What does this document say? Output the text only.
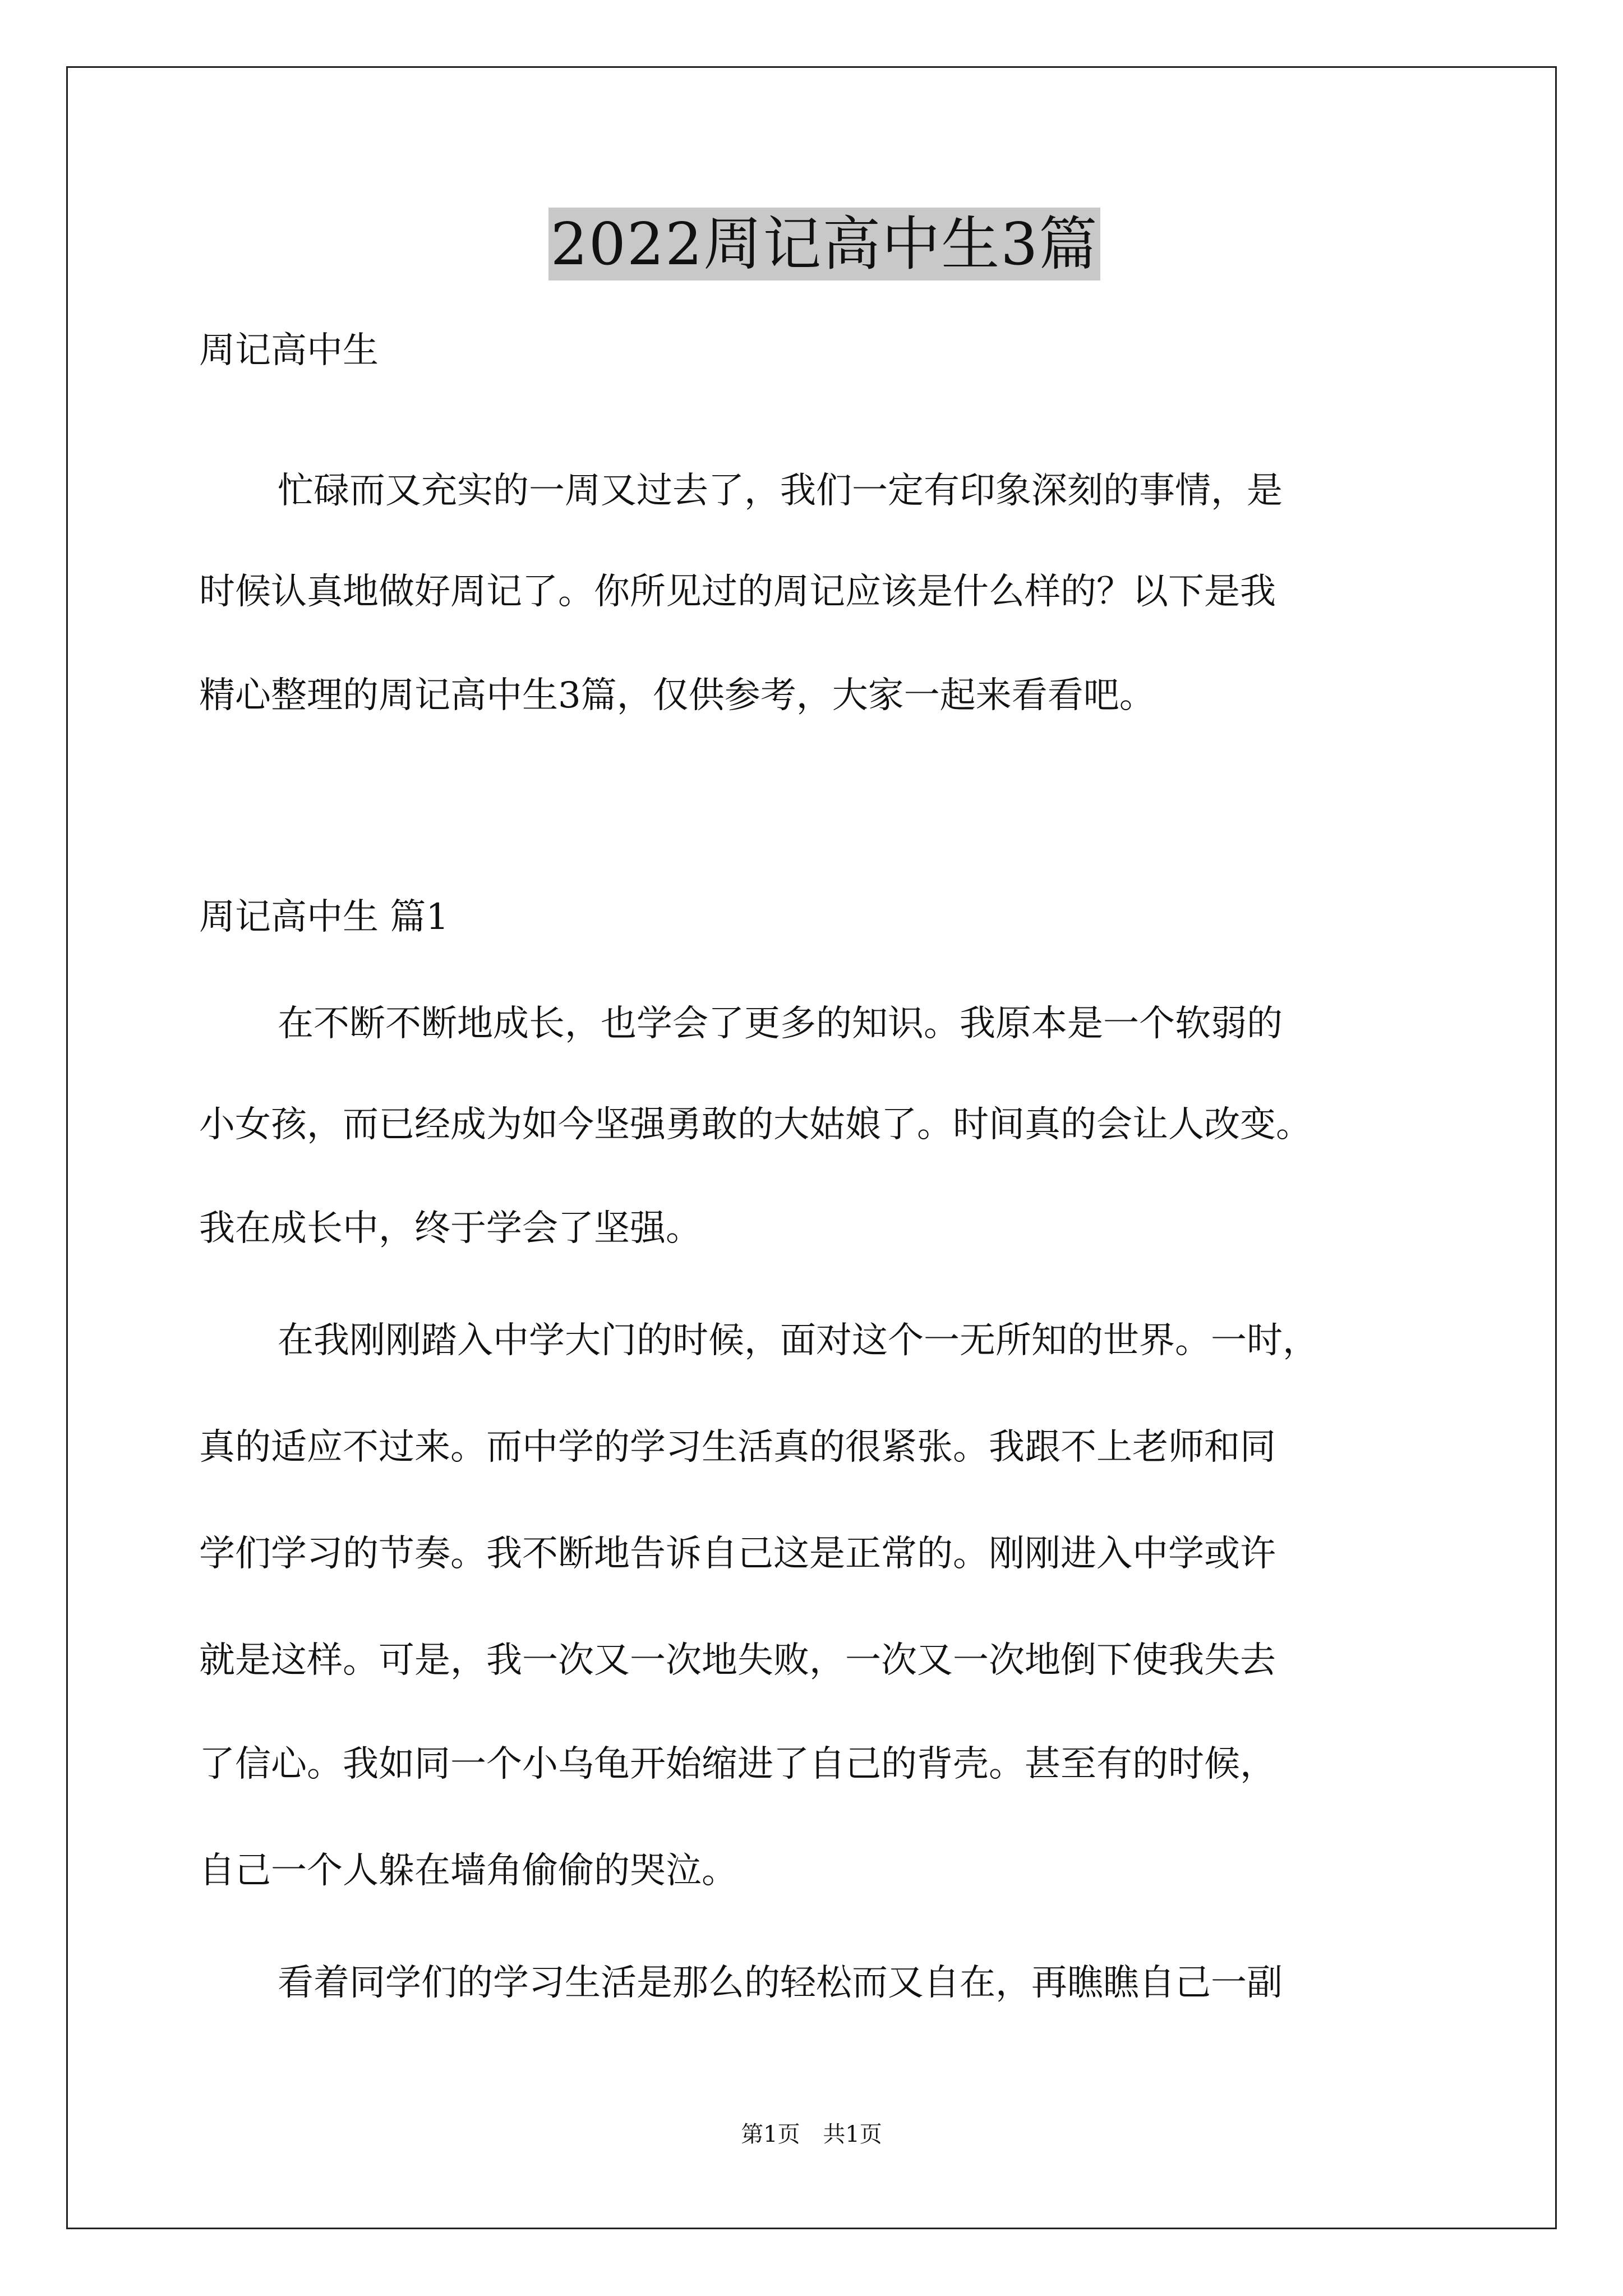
2022周记高中生3篇
周记高中生
忙碌而又充实的一周又过去了，我们一定有印象深刻的事情，是
时候认真地做好周记了。你所见过的周记应该是什么样的？以下是我
精心整理的周记高中生3篇，仅供参考，大家一起来看看吧。
周记高中生 篇1
在不断不断地成长，也学会了更多的知识。我原本是一个软弱的
小女孩，而已经成为如今坚强勇敢的大姑娘了。时间真的会让人改变。
我在成长中，终于学会了坚强。
在我刚刚踏入中学大门的时候，面对这个一无所知的世界。一时，
真的适应不过来。而中学的学习生活真的很紧张。我跟不上老师和同
学们学习的节奏。我不断地告诉自己这是正常的。刚刚进入中学或许
就是这样。可是，我一次又一次地失败，一次又一次地倒下使我失去
了信心。我如同一个小乌龟开始缩进了自己的背壳。甚至有的时候，
自己一个人躲在墙角偷偷的哭泣。
看着同学们的学习生活是那么的轻松而又自在，再瞧瞧自己一副
第1页 共1页
